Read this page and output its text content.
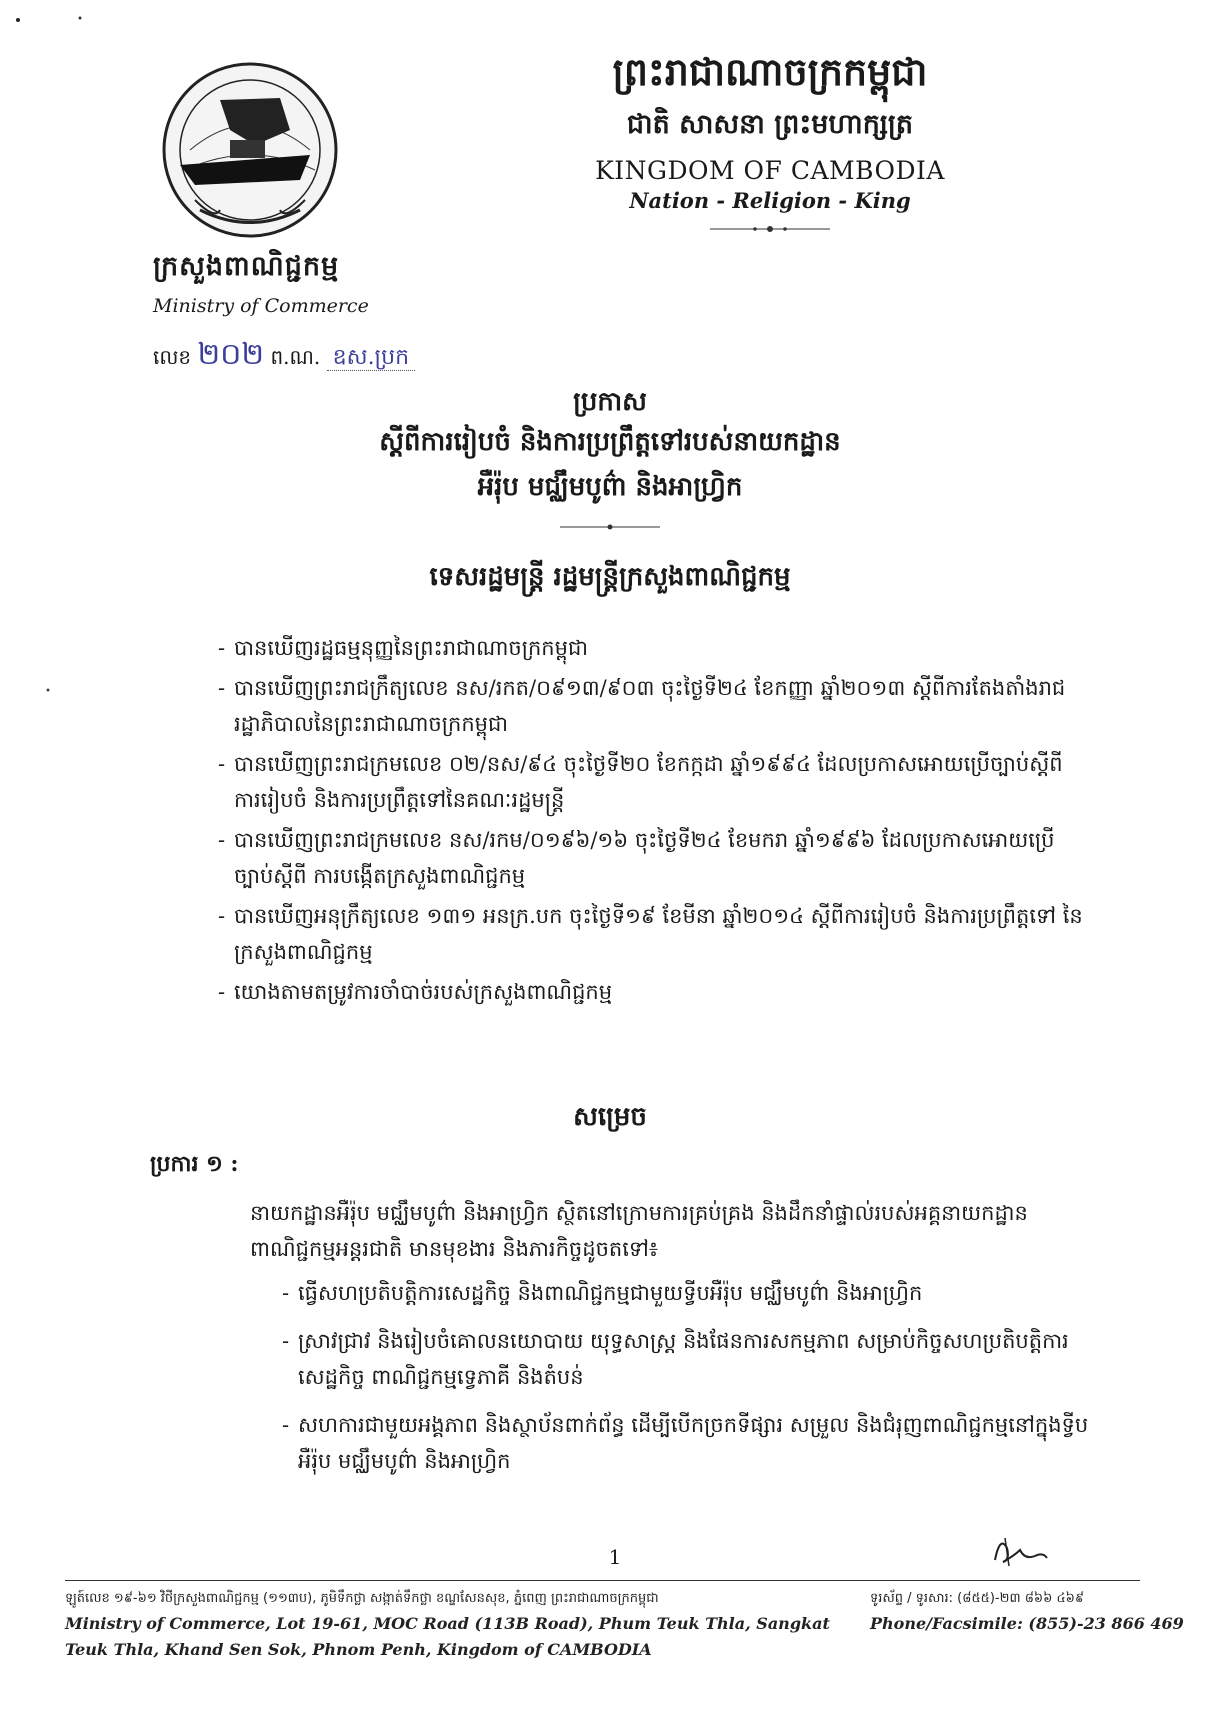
ក្រសួងពាណិជ្ជកម្ម
Ministry of Commerce
លេខ ២០២ ព.ណ. ឧស.ប្រក
ព្រះរាជាណាចក្រកម្ពុជា
ជាតិ សាសនា ព្រះមហាក្សត្រ
KINGDOM OF CAMBODIA
Nation - Religion - King
ប្រកាស
ស្តីពីការរៀបចំ និងការប្រព្រឹត្តទៅរបស់នាយកដ្ឋាន
អឺរ៉ុប មជ្ឈឹមបូព៌ា និងអាហ្វ្រិក
ទេសរដ្ឋមន្ត្រី រដ្ឋមន្ត្រីក្រសួងពាណិជ្ជកម្ម
- បានឃើញរដ្ឋធម្មនុញ្ញនៃព្រះរាជាណាចក្រកម្ពុជា
- បានឃើញព្រះរាជក្រឹត្យលេខ នស/រកត/០៩១៣/៩០៣ ចុះថ្ងៃទី២៤ ខែកញ្ញា ឆ្នាំ២០១៣ ស្តីពីការតែងតាំងរាជរដ្ឋាភិបាលនៃព្រះរាជាណាចក្រកម្ពុជា
- បានឃើញព្រះរាជក្រមលេខ ០២/នស/៩៤ ចុះថ្ងៃទី២០ ខែកក្កដា ឆ្នាំ១៩៩៤ ដែលប្រកាសអោយប្រើច្បាប់ស្តីពី ការរៀបចំ និងការប្រព្រឹត្តទៅនៃគណៈរដ្ឋមន្ត្រី
- បានឃើញព្រះរាជក្រមលេខ នស/រកម/០១៩៦/១៦ ចុះថ្ងៃទី២៤ ខែមករា ឆ្នាំ១៩៩៦ ដែលប្រកាសអោយប្រើច្បាប់ស្តីពី ការបង្កើតក្រសួងពាណិជ្ជកម្ម
- បានឃើញអនុក្រឹត្យលេខ ១៣១ អនក្រ.បក ចុះថ្ងៃទី១៩ ខែមីនា ឆ្នាំ២០១៤ ស្តីពីការរៀបចំ និងការប្រព្រឹត្តទៅ នៃក្រសួងពាណិជ្ជកម្ម
- យោងតាមតម្រូវការចាំបាច់របស់ក្រសួងពាណិជ្ជកម្ម
សម្រេច
ប្រការ ១ :
នាយកដ្ឋានអឺរ៉ុប មជ្ឈឹមបូព៌ា និងអាហ្វ្រិក ស្ថិតនៅក្រោមការគ្រប់គ្រង និងដឹកនាំផ្ទាល់របស់អគ្គនាយកដ្ឋានពាណិជ្ជកម្មអន្តរជាតិ មានមុខងារ និងភារកិច្ចដូចតទៅ៖
- ធ្វើសហប្រតិបត្តិការសេដ្ឋកិច្ច និងពាណិជ្ជកម្មជាមួយទ្វីបអឺរ៉ុប មជ្ឈឹមបូព៌ា និងអាហ្វ្រិក
- ស្រាវជ្រាវ និងរៀបចំគោលនយោបាយ យុទ្ធសាស្ត្រ និងផែនការសកម្មភាព សម្រាប់កិច្ចសហប្រតិបត្តិការសេដ្ឋកិច្ច ពាណិជ្ជកម្មទ្វេភាគី និងតំបន់
- សហការជាមួយអង្គភាព និងស្ថាប័នពាក់ព័ន្ធ ដើម្បីបើកច្រកទីផ្សារ សម្រួល និងជំរុញពាណិជ្ជកម្មនៅក្នុងទ្វីបអឺរ៉ុប មជ្ឈឹមបូព៌ា និងអាហ្វ្រិក
1
ឡូត៍លេខ ១៩-៦១ វិថីក្រសួងពាណិជ្ជកម្ម (១១៣ប), ភូមិទឹកថ្លា សង្កាត់ទឹកថ្លា ខណ្ឌសែនសុខ, ភ្នំពេញ ព្រះរាជាណាចក្រកម្ពុជា
Ministry of Commerce, Lot 19-61, MOC Road (113B Road), Phum Teuk Thla, Sangkat
Teuk Thla, Khand Sen Sok, Phnom Penh, Kingdom of CAMBODIA
ទូរស័ព្ទ / ទូរសារ: (៨៥៥)-២៣ ៨៦៦ ៤៦៩
Phone/Facsimile: (855)-23 866 469
